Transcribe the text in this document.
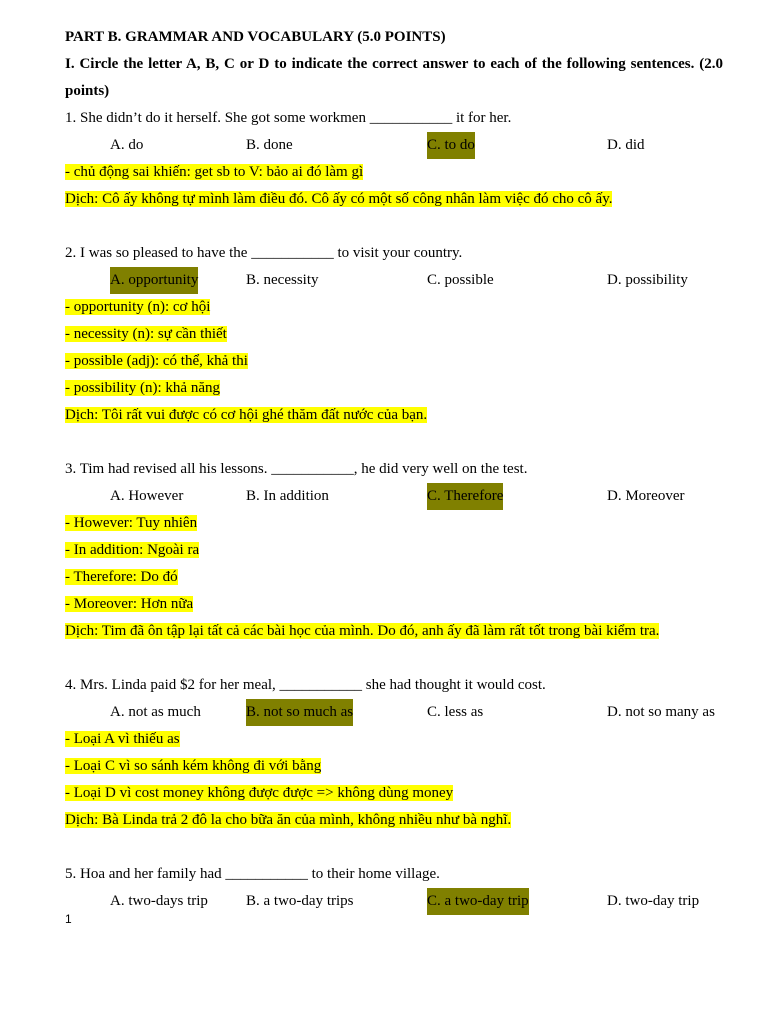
PART B. GRAMMAR AND VOCABULARY (5.0 POINTS)
I. Circle the letter A, B, C or D to indicate the correct answer to each of the following sentences. (2.0
points)
1. She didn’t do it herself. She got some workmen ___________ it for her.
A. do	B. done	C. to do	D. did
- chủ động sai khiến: get sb to V: bảo ai đó làm gì
Dịch: Cô ấy không tự mình làm điều đó. Cô ấy có một số công nhân làm việc đó cho cô ấy.
2. I was so pleased to have the ___________ to visit your country.
A. opportunity	B. necessity	C. possible	D. possibility
- opportunity (n): cơ hội
- necessity (n): sự cần thiết
- possible (adj): có thể, khả thi
- possibility (n): khả năng
Dịch: Tôi rất vui được có cơ hội ghé thăm đất nước của bạn.
3. Tim had revised all his lessons. ___________, he did very well on the test.
A. However	B. In addition	C. Therefore	D. Moreover
- However: Tuy nhiên
- In addition: Ngoài ra
- Therefore: Do đó
- Moreover: Hơn nữa
Dịch: Tim đã ôn tập lại tất cả các bài học của mình. Do đó, anh ấy đã làm rất tốt trong bài kiểm tra.
4. Mrs. Linda paid $2 for her meal, ___________ she had thought it would cost.
A. not as much	B. not so much as	C. less as	D. not so many as
- Loại A vì thiếu as
- Loại C vì so sánh kém không đi với bằng
- Loại D vì cost money không được được => không dùng money
Dịch: Bà Linda trả 2 đô la cho bữa ăn của mình, không nhiều như bà nghĩ.
5. Hoa and her family had ___________ to their home village.
A. two-days trip	B. a two-day trips	C. a two-day trip	D. two-day trip
1
